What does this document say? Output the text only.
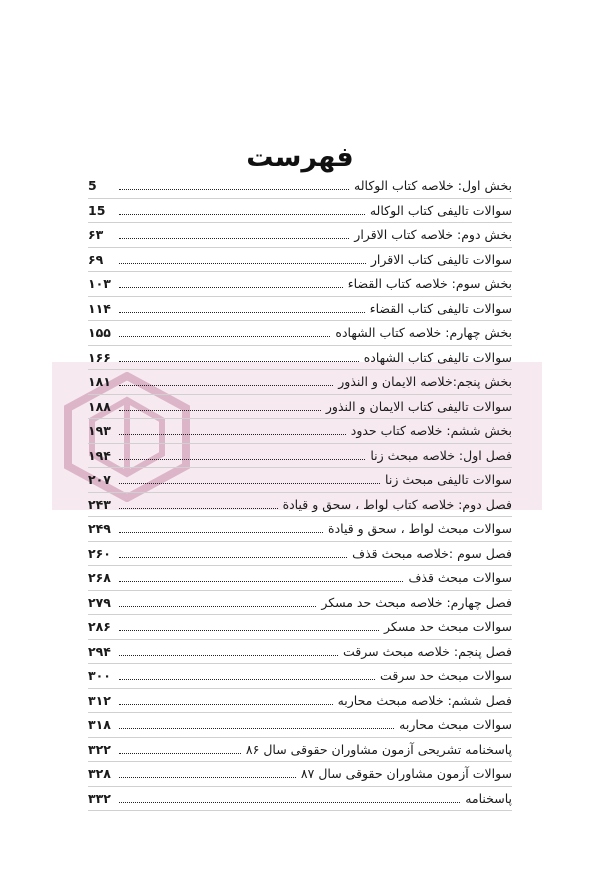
فهرست
بخش اول: خلاصه کتاب الوکاله
5
سوالات تالیفی کتاب الوکاله
15
بخش دوم: خلاصه کتاب الاقرار
۶۳
سوالات تالیفی کتاب الاقرار
۶۹
بخش سوم: خلاصه کتاب القضاء
۱۰۳
سوالات تالیفی کتاب القضاء
۱۱۴
بخش چهارم: خلاصه کتاب الشهاده
۱۵۵
سوالات تالیفی کتاب الشهاده
۱۶۶
بخش پنجم:خلاصه الایمان و النذور
۱۸۱
سوالات تالیفی کتاب الایمان و النذور
۱۸۸
بخش ششم: خلاصه کتاب حدود
۱۹۳
فصل اول: خلاصه مبحث زنا
۱۹۴
سوالات تالیفی مبحث زنا
۲۰۷
فصل دوم: خلاصه کتاب لواط ، سحق و قیادة
۲۴۳
سوالات مبحث لواط ، سحق و قیادة
۲۴۹
فصل سوم :خلاصه مبحث قذف
۲۶۰
سوالات مبحث قذف
۲۶۸
فصل چهارم: خلاصه مبحث حد مسکر
۲۷۹
سوالات مبحث حد مسکر
۲۸۶
فصل پنجم: خلاصه مبحث سرقت
۲۹۴
سوالات مبحث حد سرقت
۳۰۰
فصل ششم: خلاصه مبحث محاربه
۳۱۲
سوالات مبحث محاربه
۳۱۸
پاسخنامه تشریحی آزمون مشاوران حقوقی سال ۸۶
۳۲۲
سوالات آزمون مشاوران حقوقی سال ۸۷
۳۲۸
پاسخنامه
۳۳۲
